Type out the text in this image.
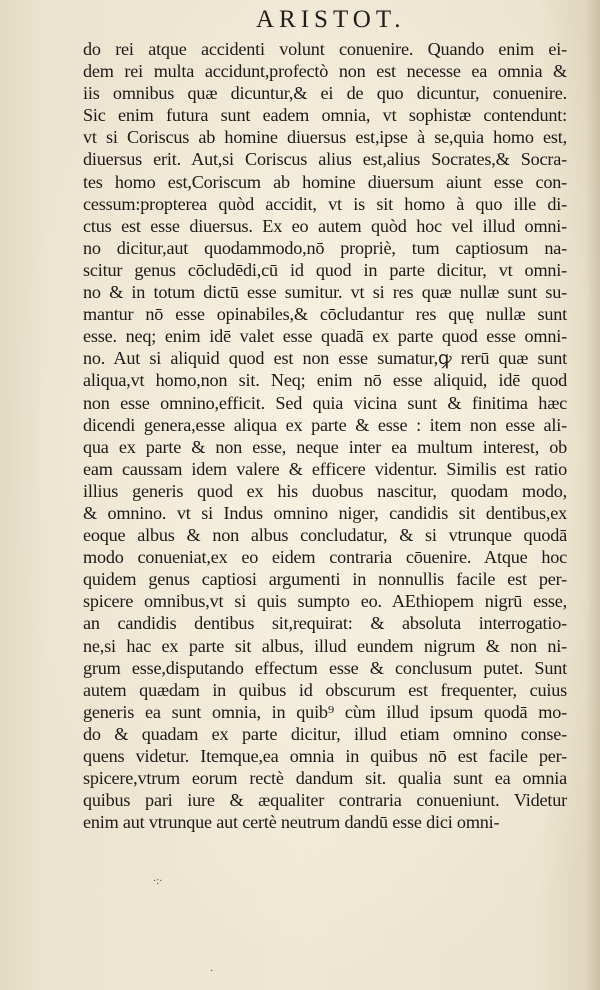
ARISTOT.
do rei atque accidenti volunt conuenire. Quando enim ei-
dem rei multa accidunt,profectò non est necesse ea omnia &
iis omnibus quæ dicuntur,& ei de quo dicuntur, conuenire.
Sic enim futura sunt eadem omnia, vt sophistæ contendunt:
vt si Coriscus ab homine diuersus est,ipse à se,quia homo est,
diuersus erit. Aut,si Coriscus alius est,alius Socrates,& Socra-
tes homo est,Coriscum ab homine diuersum aiunt esse con-
cessum:propterea quòd accidit, vt is sit homo à quo ille di-
ctus est esse diuersus. Ex eo autem quòd hoc vel illud omni-
no dicitur,aut quodammodo,nō propriè, tum captiosum na-
scitur genus cōcludēdi,cū id quod in parte dicitur, vt omni-
no & in totum dictū esse sumitur. vt si res quæ nullæ sunt su-
mantur nō esse opinabiles,& cōcludantur res quę nullæ sunt
esse. neq; enim idē valet esse quadā ex parte quod esse omni-
no. Aut si aliquid quod est non esse sumatur,ꝙ rerū quæ sunt
aliqua,vt homo,non sit. Neq; enim nō esse aliquid, idē quod
non esse omnino,efficit. Sed quia vicina sunt & finitima hæc
dicendi genera,esse aliqua ex parte & esse : item non esse ali-
qua ex parte & non esse, neque inter ea multum interest, ob
eam caussam idem valere & efficere videntur. Similis est ratio
illius generis quod ex his duobus nascitur, quodam modo,
& omnino. vt si Indus omnino niger, candidis sit dentibus,ex
eoque albus & non albus concludatur, & si vtrunque quodā
modo conueniat,ex eo eidem contraria cōuenire. Atque hoc
quidem genus captiosi argumenti in nonnullis facile est per-
spicere omnibus,vt si quis sumpto eo. AEthiopem nigrū esse,
an candidis dentibus sit,requirat: & absoluta interrogatio-
ne,si hac ex parte sit albus, illud eundem nigrum & non ni-
grum esse,disputando effectum esse & conclusum putet. Sunt
autem quædam in quibus id obscurum est frequenter, cuius
generis ea sunt omnia, in quib⁹ cùm illud ipsum quodā mo-
do & quadam ex parte dicitur, illud etiam omnino conse-
quens videtur. Itemque,ea omnia in quibus nō est facile per-
spicere,vtrum eorum rectè dandum sit. qualia sunt ea omnia
quibus pari iure & æqualiter contraria conueniunt. Videtur
enim aut vtrunque aut certè neutrum dandū esse dici omni-
·:·
·
